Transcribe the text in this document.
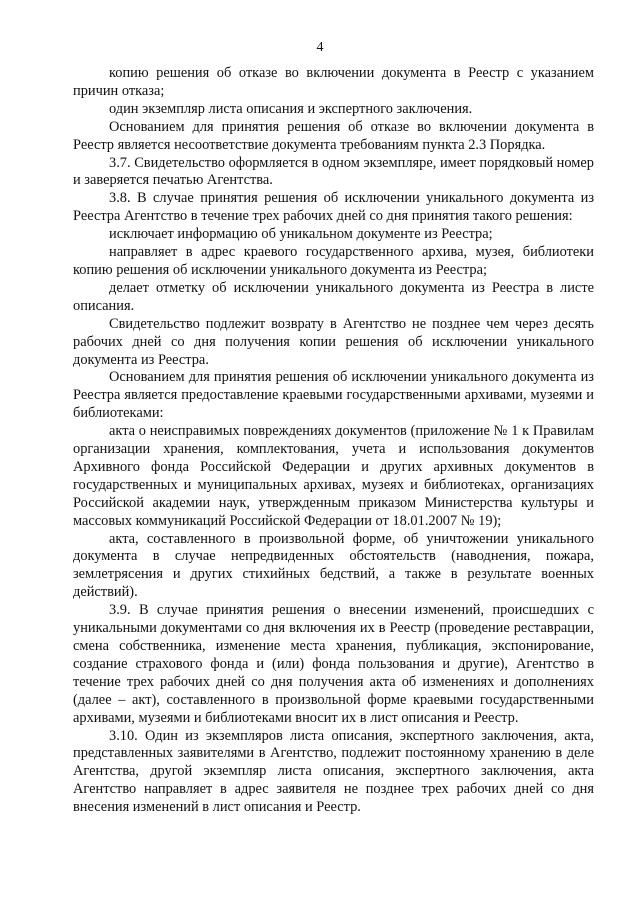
4

копию решения об отказе во включении документа в Реестр с указанием причин отказа;

один экземпляр листа описания и экспертного заключения.

Основанием для принятия решения об отказе во включении документа в Реестр является несоответствие документа требованиям пункта 2.3 Порядка.

3.7. Свидетельство оформляется в одном экземпляре, имеет порядковый номер и заверяется печатью Агентства.

3.8. В случае принятия решения об исключении уникального документа из Реестра Агентство в течение трех рабочих дней со дня принятия такого решения:

исключает информацию об уникальном документе из Реестра;

направляет в адрес краевого государственного архива, музея, библиотеки копию решения об исключении уникального документа из Реестра;

делает отметку об исключении уникального документа из Реестра в листе описания.

Свидетельство подлежит возврату в Агентство не позднее чем через десять рабочих дней со дня получения копии решения об исключении уникального документа из Реестра.

Основанием для принятия решения об исключении уникального документа из Реестра является предоставление краевыми государственными архивами, музеями и библиотеками:

акта о неисправимых повреждениях документов (приложение № 1 к Правилам организации хранения, комплектования, учета и использования документов Архивного фонда Российской Федерации и других архивных документов в государственных и муниципальных архивах, музеях и библиотеках, организациях Российской академии наук, утвержденным приказом Министерства культуры и массовых коммуникаций Российской Федерации от 18.01.2007 № 19);

акта, составленного в произвольной форме, об уничтожении уникального документа в случае непредвиденных обстоятельств (наводнения, пожара, землетрясения и других стихийных бедствий, а также в результате военных действий).

3.9. В случае принятия решения о внесении изменений, происшедших с уникальными документами со дня включения их в Реестр (проведение реставрации, смена собственника, изменение места хранения, публикация, экспонирование, создание страхового фонда и (или) фонда пользования и другие), Агентство в течение трех рабочих дней со дня получения акта об изменениях и дополнениях (далее – акт), составленного в произвольной форме краевыми государственными архивами, музеями и библиотеками вносит их в лист описания и Реестр.

3.10. Один из экземпляров листа описания, экспертного заключения, акта, представленных заявителями в Агентство, подлежит постоянному хранению в деле Агентства, другой экземпляр листа описания, экспертного заключения, акта Агентство направляет в адрес заявителя не позднее трех рабочих дней со дня внесения изменений в лист описания и Реестр.
